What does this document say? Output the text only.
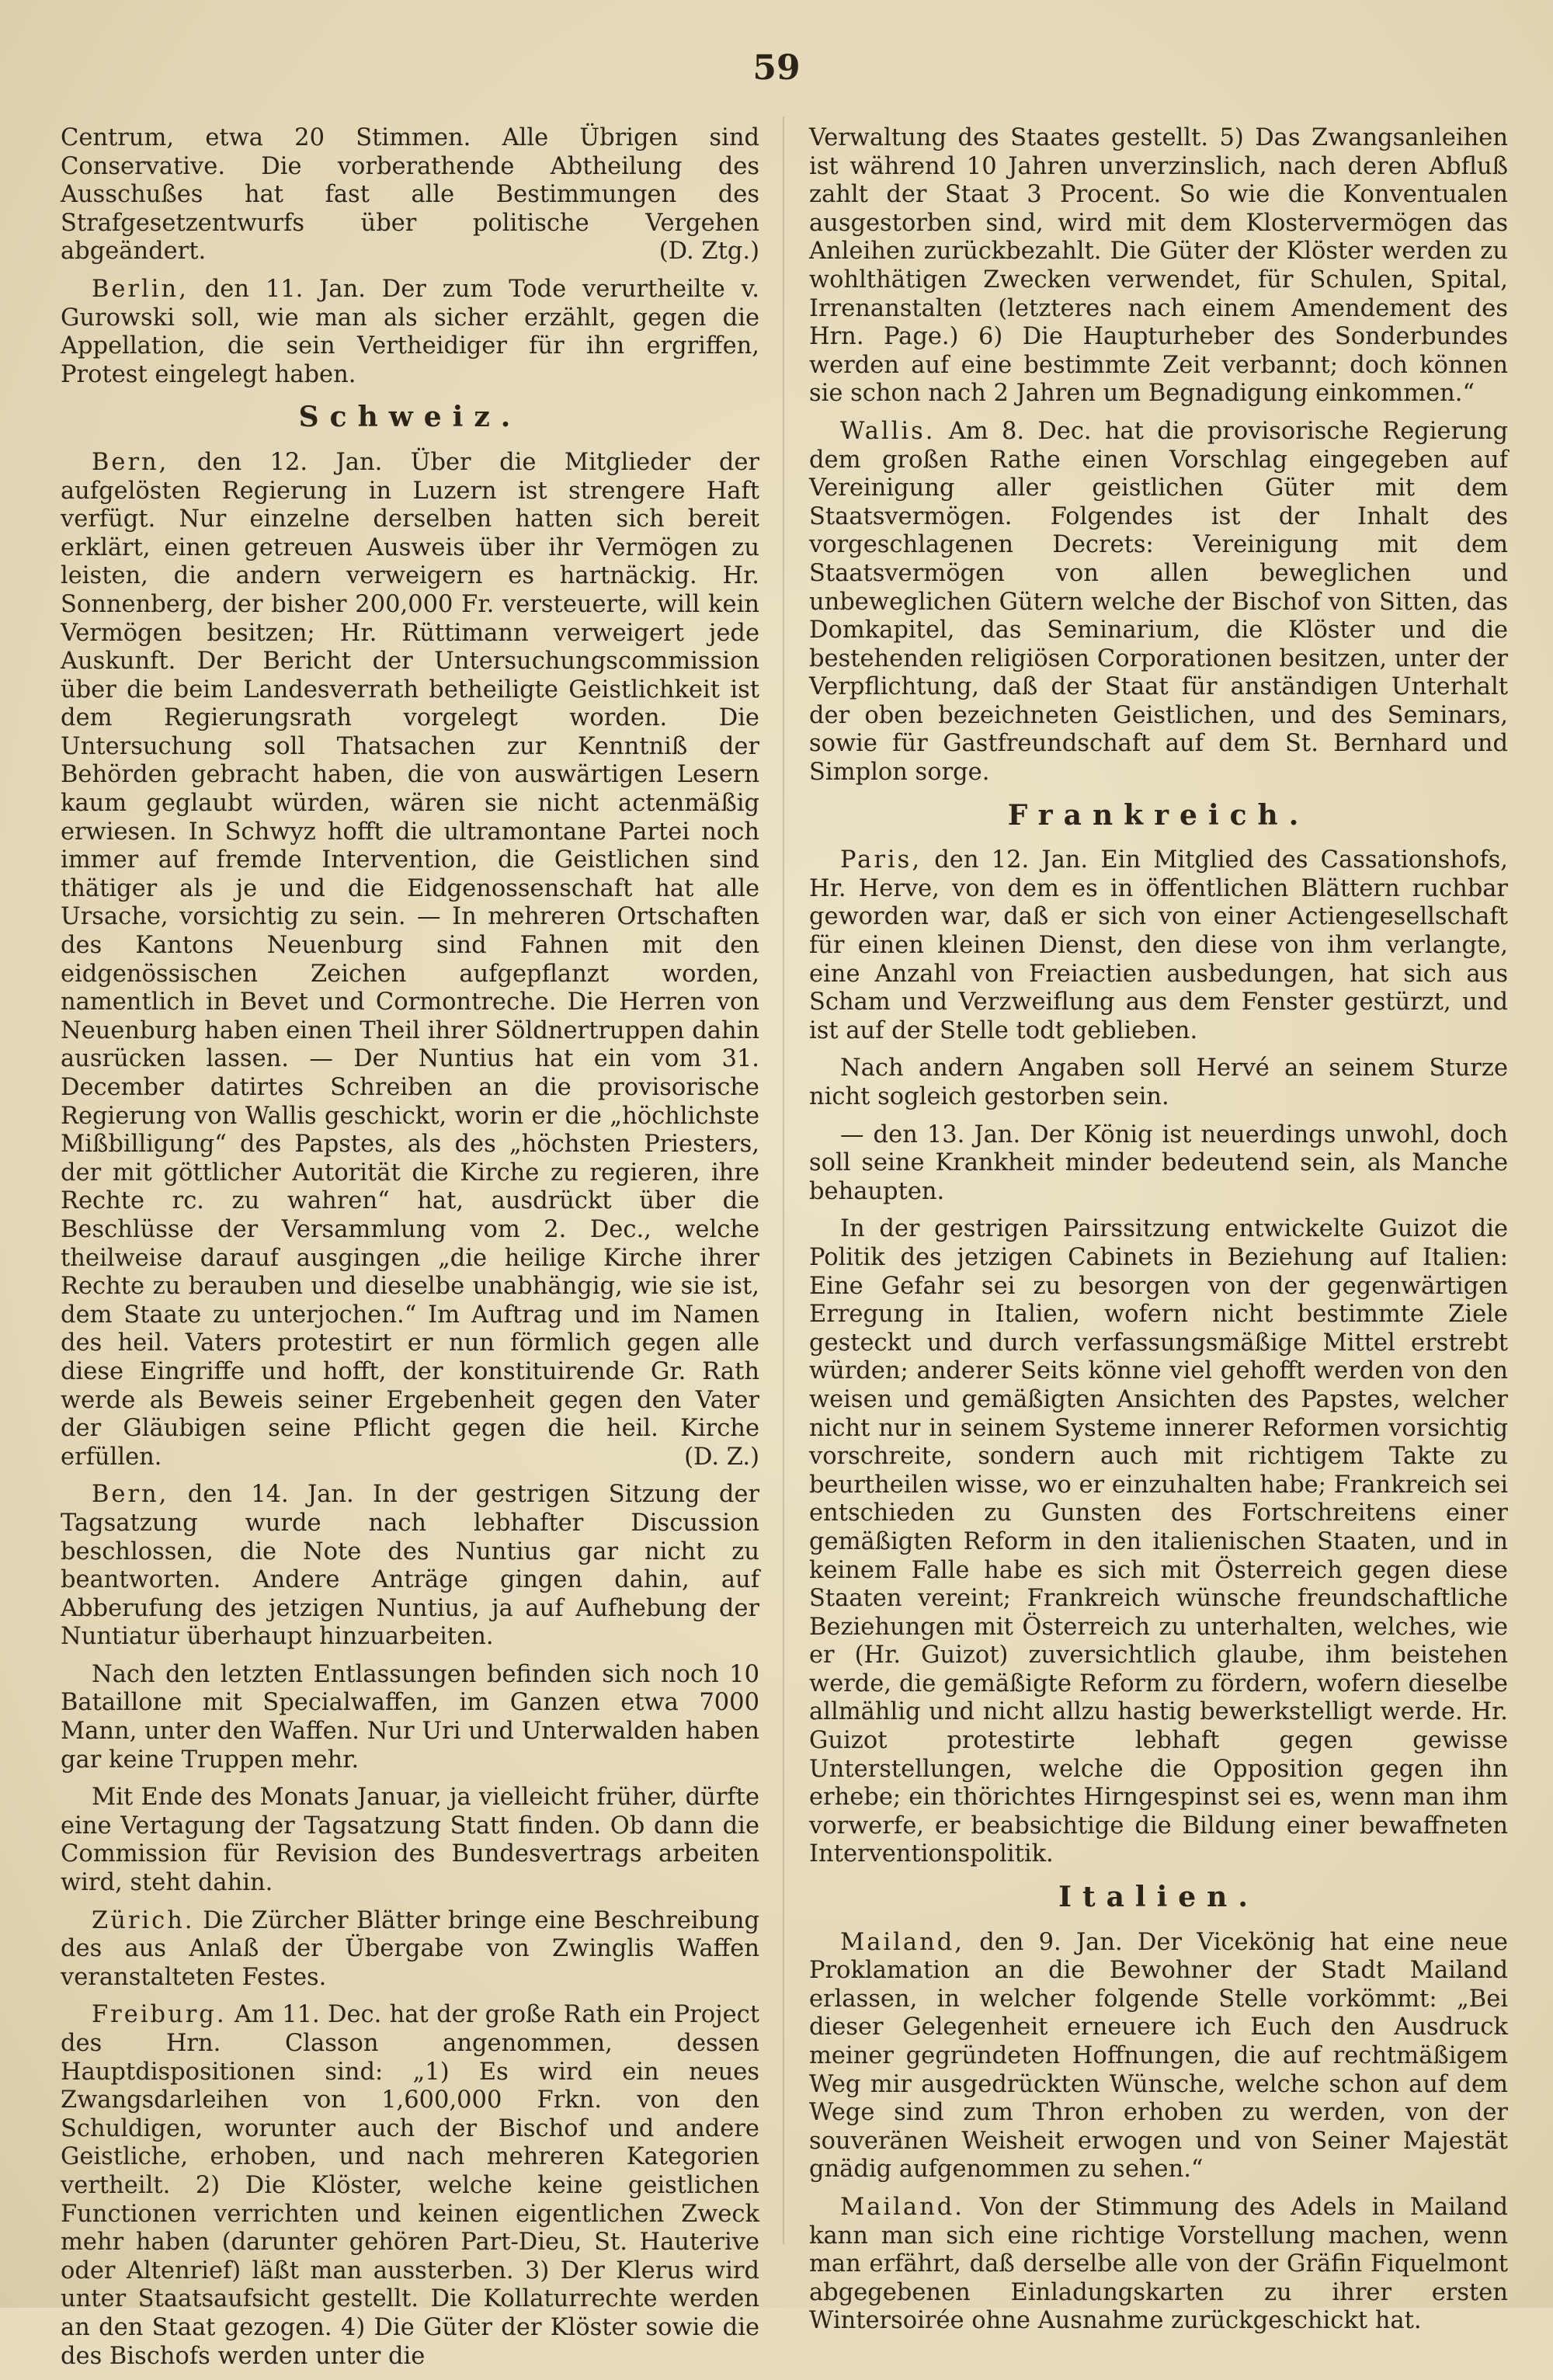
59

Centrum, etwa 20 Stimmen. Alle Übrigen sind Conservative. Die vorberathende Abtheilung des Ausschußes hat fast alle Bestimmungen des Strafgesetzentwurfs über politische Vergehen abgeändert.	(D. Ztg.)

Berlin, den 11. Jan. Der zum Tode verurtheilte v. Gurowski soll, wie man als sicher erzählt, gegen die Appellation, die sein Vertheidiger für ihn ergriffen, Protest eingelegt haben.

Schweiz.

Bern, den 12. Jan. Über die Mitglieder der aufgelösten Regierung in Luzern ist strengere Haft verfügt. Nur einzelne derselben hatten sich bereit erklärt, einen getreuen Ausweis über ihr Vermögen zu leisten, die andern verweigern es hartnäckig. Hr. Sonnenberg, der bisher 200,000 Fr. versteuerte, will kein Vermögen besitzen; Hr. Rüttimann verweigert jede Auskunft. Der Bericht der Untersuchungscommission über die beim Landesverrath betheiligte Geistlichkeit ist dem Regierungsrath vorgelegt worden. Die Untersuchung soll Thatsachen zur Kenntniß der Behörden gebracht haben, die von auswärtigen Lesern kaum geglaubt würden, wären sie nicht actenmäßig erwiesen. In Schwyz hofft die ultramontane Partei noch immer auf fremde Intervention, die Geistlichen sind thätiger als je und die Eidgenossenschaft hat alle Ursache, vorsichtig zu sein. — In mehreren Ortschaften des Kantons Neuenburg sind Fahnen mit den eidgenössischen Zeichen aufgepflanzt worden, namentlich in Bevet und Cormontreche. Die Herren von Neuenburg haben einen Theil ihrer Söldnertruppen dahin ausrücken lassen. — Der Nuntius hat ein vom 31. December datirtes Schreiben an die provisorische Regierung von Wallis geschickt, worin er die „höchlichste Mißbilligung“ des Papstes, als des „höchsten Priesters, der mit göttlicher Autorität die Kirche zu regieren, ihre Rechte rc. zu wahren“ hat, ausdrückt über die Beschlüsse der Versammlung vom 2. Dec., welche theilweise darauf ausgingen „die heilige Kirche ihrer Rechte zu berauben und dieselbe unabhängig, wie sie ist, dem Staate zu unterjochen.“ Im Auftrag und im Namen des heil. Vaters protestirt er nun förmlich gegen alle diese Eingriffe und hofft, der konstituirende Gr. Rath werde als Beweis seiner Ergebenheit gegen den Vater der Gläubigen seine Pflicht gegen die heil. Kirche erfüllen.	(D. Z.)

Bern, den 14. Jan. In der gestrigen Sitzung der Tagsatzung wurde nach lebhafter Discussion beschlossen, die Note des Nuntius gar nicht zu beantworten. Andere Anträge gingen dahin, auf Abberufung des jetzigen Nuntius, ja auf Aufhebung der Nuntiatur überhaupt hinzuarbeiten.

Nach den letzten Entlassungen befinden sich noch 10 Bataillone mit Specialwaffen, im Ganzen etwa 7000 Mann, unter den Waffen. Nur Uri und Unterwalden haben gar keine Truppen mehr.

Mit Ende des Monats Januar, ja vielleicht früher, dürfte eine Vertagung der Tagsatzung Statt finden. Ob dann die Commission für Revision des Bundesvertrags arbeiten wird, steht dahin.

Zürich. Die Zürcher Blätter bringe eine Beschreibung des aus Anlaß der Übergabe von Zwinglis Waffen veranstalteten Festes.

Freiburg. Am 11. Dec. hat der große Rath ein Project des Hrn. Classon angenommen, dessen Hauptdispositionen sind: „1) Es wird ein neues Zwangsdarleihen von 1,600,000 Frkn. von den Schuldigen, worunter auch der Bischof und andere Geistliche, erhoben, und nach mehreren Kategorien vertheilt. 2) Die Klöster, welche keine geistlichen Functionen verrichten und keinen eigentlichen Zweck mehr haben (darunter gehören Part-Dieu, St. Hauterive oder Altenrief) läßt man aussterben. 3) Der Klerus wird unter Staatsaufsicht gestellt. Die Kollaturrechte werden an den Staat gezogen. 4) Die Güter der Klöster sowie die des Bischofs werden unter die

Verwaltung des Staates gestellt. 5) Das Zwangsanleihen ist während 10 Jahren unverzinslich, nach deren Abfluß zahlt der Staat 3 Procent. So wie die Konventualen ausgestorben sind, wird mit dem Klostervermögen das Anleihen zurückbezahlt. Die Güter der Klöster werden zu wohlthätigen Zwecken verwendet, für Schulen, Spital, Irrenanstalten (letzteres nach einem Amendement des Hrn. Page.) 6) Die Haupturheber des Sonderbundes werden auf eine bestimmte Zeit verbannt; doch können sie schon nach 2 Jahren um Begnadigung einkommen.“

Wallis. Am 8. Dec. hat die provisorische Regierung dem großen Rathe einen Vorschlag eingegeben auf Vereinigung aller geistlichen Güter mit dem Staatsvermögen. Folgendes ist der Inhalt des vorgeschlagenen Decrets: Vereinigung mit dem Staatsvermögen von allen beweglichen und unbeweglichen Gütern welche der Bischof von Sitten, das Domkapitel, das Seminarium, die Klöster und die bestehenden religiösen Corporationen besitzen, unter der Verpflichtung, daß der Staat für anständigen Unterhalt der oben bezeichneten Geistlichen, und des Seminars, sowie für Gastfreundschaft auf dem St. Bernhard und Simplon sorge.

Frankreich.

Paris, den 12. Jan. Ein Mitglied des Cassationshofs, Hr. Herve, von dem es in öffentlichen Blättern ruchbar geworden war, daß er sich von einer Actiengesellschaft für einen kleinen Dienst, den diese von ihm verlangte, eine Anzahl von Freiactien ausbedungen, hat sich aus Scham und Verzweiflung aus dem Fenster gestürzt, und ist auf der Stelle todt geblieben.

Nach andern Angaben soll Hervé an seinem Sturze nicht sogleich gestorben sein.

— den 13. Jan. Der König ist neuerdings unwohl, doch soll seine Krankheit minder bedeutend sein, als Manche behaupten.

In der gestrigen Pairssitzung entwickelte Guizot die Politik des jetzigen Cabinets in Beziehung auf Italien: Eine Gefahr sei zu besorgen von der gegenwärtigen Erregung in Italien, wofern nicht bestimmte Ziele gesteckt und durch verfassungsmäßige Mittel erstrebt würden; anderer Seits könne viel gehofft werden von den weisen und gemäßigten Ansichten des Papstes, welcher nicht nur in seinem Systeme innerer Reformen vorsichtig vorschreite, sondern auch mit richtigem Takte zu beurtheilen wisse, wo er einzuhalten habe; Frankreich sei entschieden zu Gunsten des Fortschreitens einer gemäßigten Reform in den italienischen Staaten, und in keinem Falle habe es sich mit Österreich gegen diese Staaten vereint; Frankreich wünsche freundschaftliche Beziehungen mit Österreich zu unterhalten, welches, wie er (Hr. Guizot) zuversichtlich glaube, ihm beistehen werde, die gemäßigte Reform zu fördern, wofern dieselbe allmählig und nicht allzu hastig bewerkstelligt werde. Hr. Guizot protestirte lebhaft gegen gewisse Unterstellungen, welche die Opposition gegen ihn erhebe; ein thörichtes Hirngespinst sei es, wenn man ihm vorwerfe, er beabsichtige die Bildung einer bewaffneten Interventionspolitik.

Italien.

Mailand, den 9. Jan. Der Vicekönig hat eine neue Proklamation an die Bewohner der Stadt Mailand erlassen, in welcher folgende Stelle vorkömmt: „Bei dieser Gelegenheit erneuere ich Euch den Ausdruck meiner gegründeten Hoffnungen, die auf rechtmäßigem Weg mir ausgedrückten Wünsche, welche schon auf dem Wege sind zum Thron erhoben zu werden, von der souveränen Weisheit erwogen und von Seiner Majestät gnädig aufgenommen zu sehen.“

Mailand. Von der Stimmung des Adels in Mailand kann man sich eine richtige Vorstellung machen, wenn man erfährt, daß derselbe alle von der Gräfin Fiquelmont abgegebenen Einladungskarten zu ihrer ersten Wintersoirée ohne Ausnahme zurückgeschickt hat.
